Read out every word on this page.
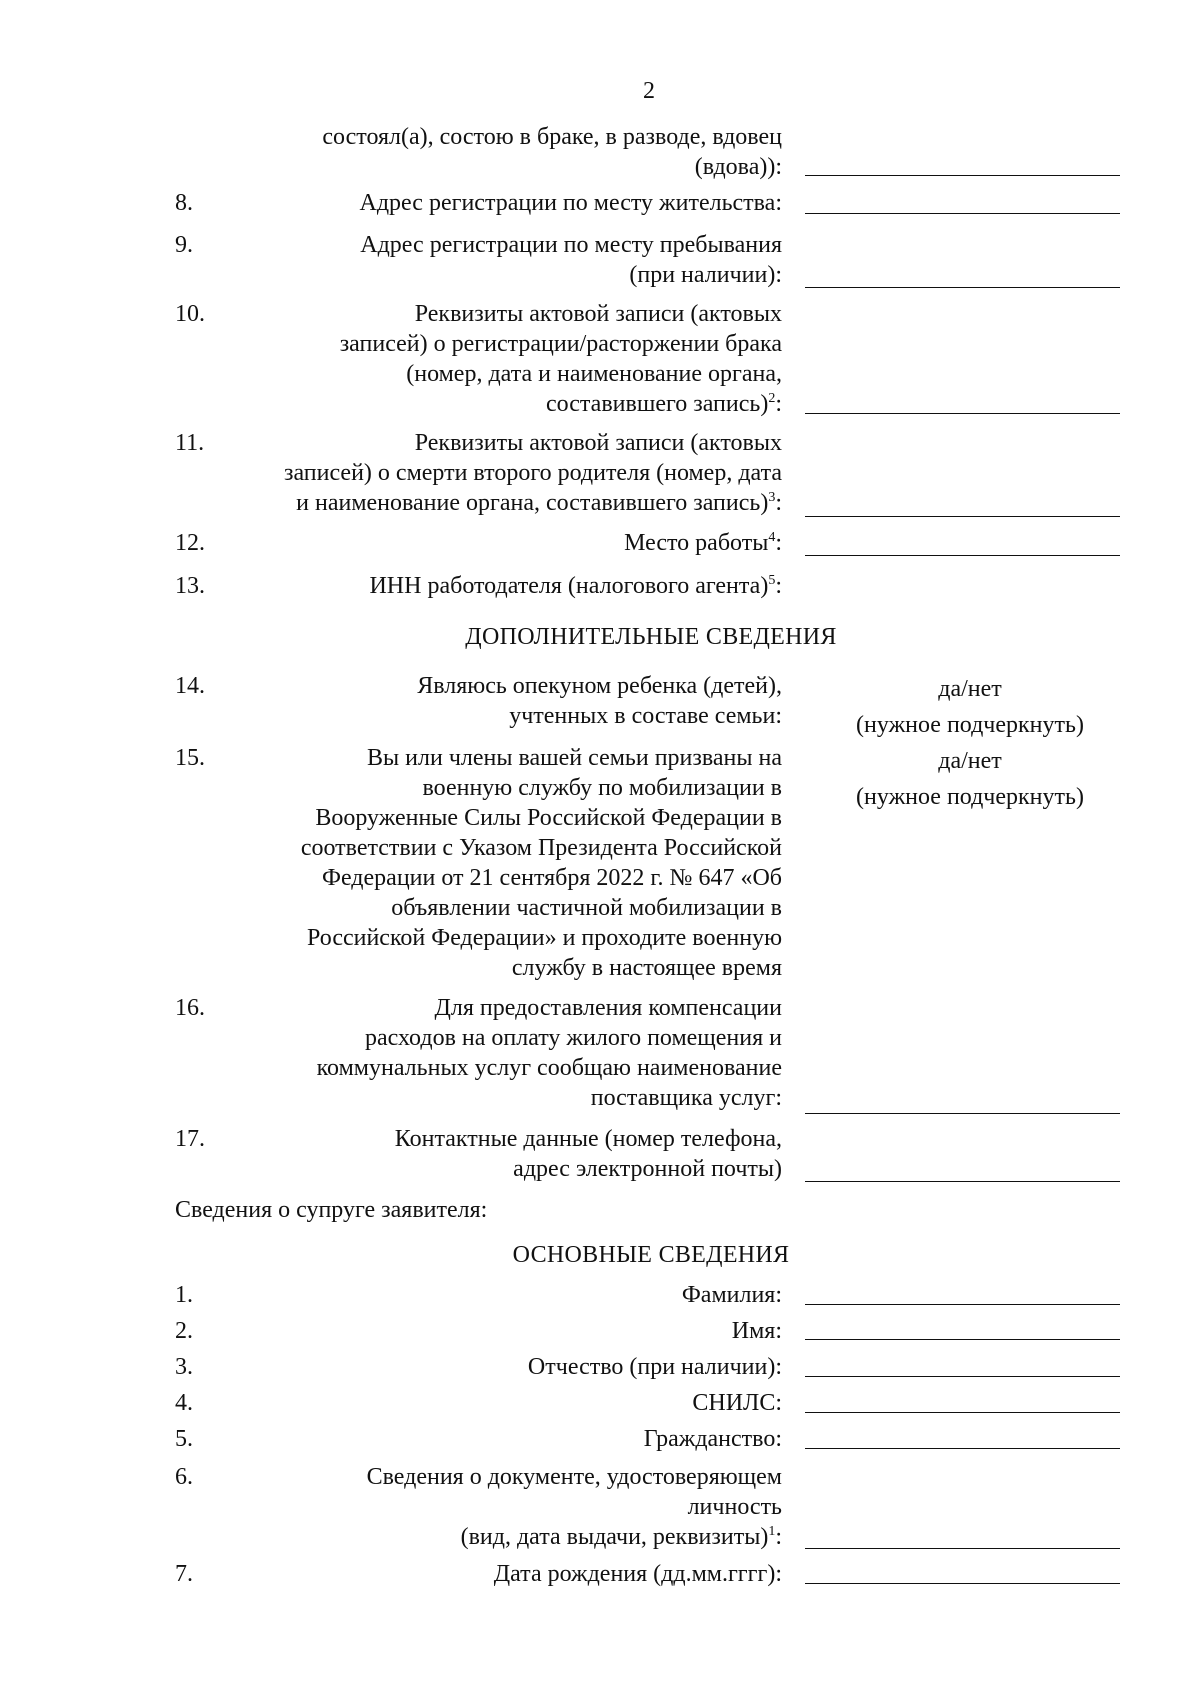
2
состоял(а), состою в браке, в разводе, вдовец
(вдова)):
8.	Адрес регистрации по месту жительства:
9.	Адрес регистрации по месту пребывания
(при наличии):
10.	Реквизиты актовой записи (актовых
записей) о регистрации/расторжении брака
(номер, дата и наименование органа,
составившего запись)$^2$:
11.	Реквизиты актовой записи (актовых
записей) о смерти второго родителя (номер, дата
и наименование органа, составившего запись)$^3$:
12.	Место работы$^4$:
13.	ИНН работодателя (налогового агента)$^5$:
ДОПОЛНИТЕЛЬНЫЕ СВЕДЕНИЯ
14.	Являюсь опекуном ребенка (детей),
учтенных в составе семьи:
да/нет
(нужное подчеркнуть)
15.	Вы или члены вашей семьи призваны на
военную службу по мобилизации в
Вооруженные Силы Российской Федерации в
соответствии с Указом Президента Российской
Федерации от 21 сентября 2022 г. № 647 «Об
объявлении частичной мобилизации в
Российской Федерации» и проходите военную
службу в настоящее время
да/нет
(нужное подчеркнуть)
16.	Для предоставления компенсации
расходов на оплату жилого помещения и
коммунальных услуг сообщаю наименование
поставщика услуг:
17.	Контактные данные (номер телефона,
адрес электронной почты)
Сведения о супруге заявителя:
ОСНОВНЫЕ СВЕДЕНИЯ
1.	Фамилия:
2.	Имя:
3.	Отчество (при наличии):
4.	СНИЛС:
5.	Гражданство:
6.	Сведения о документе, удостоверяющем
личность
(вид, дата выдачи, реквизиты)$^1$:
7.	Дата рождения (дд.мм.гггг):
